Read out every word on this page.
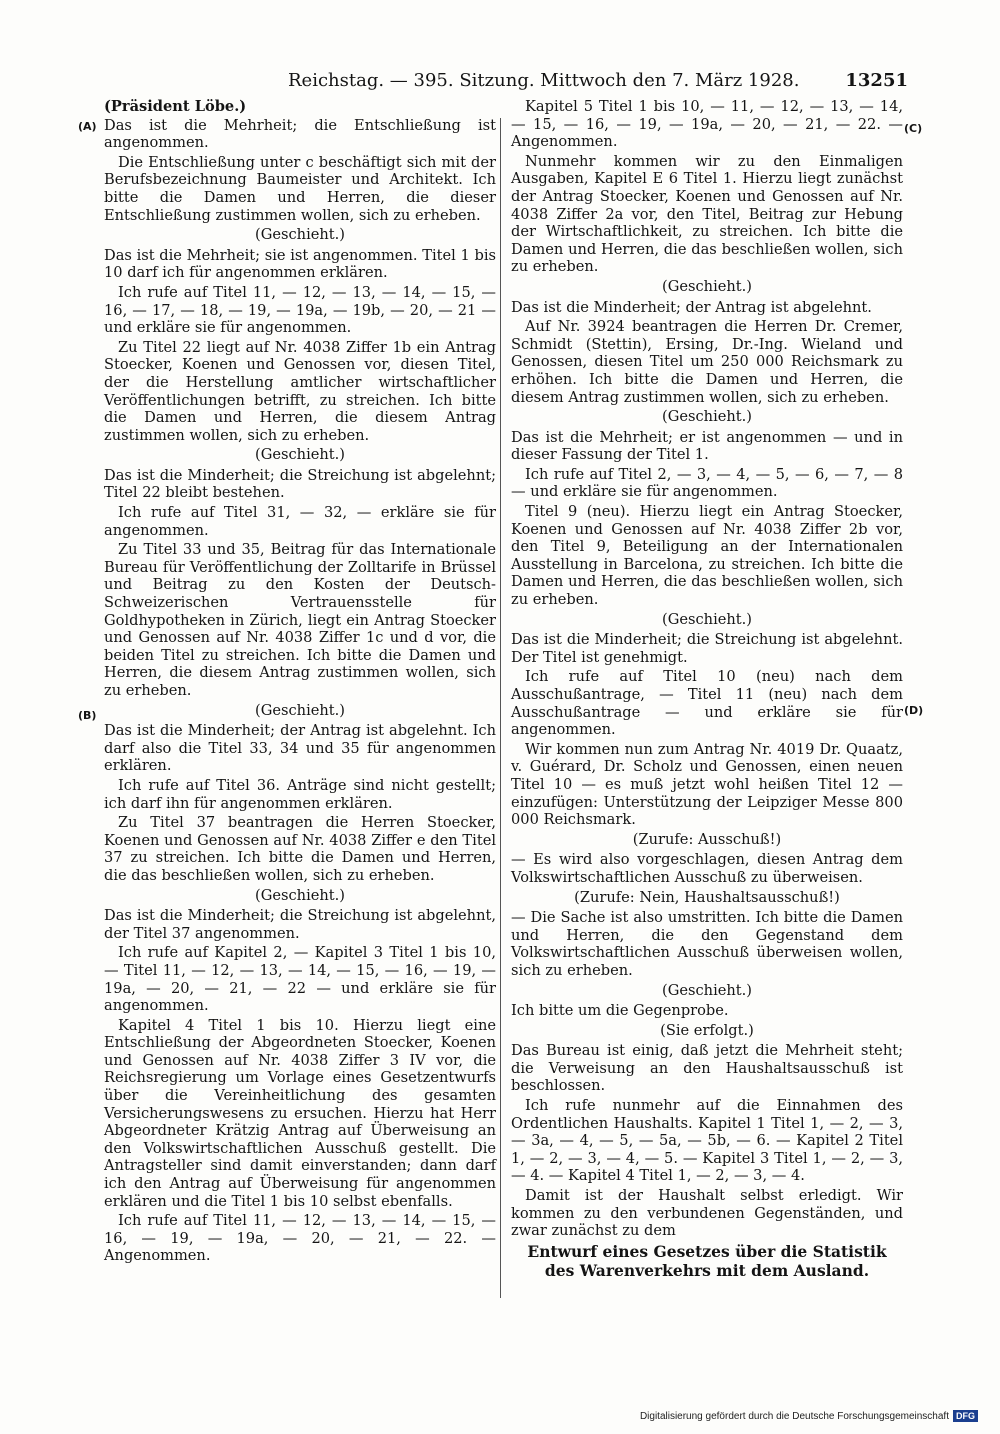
Reichstag. — 395. Sitzung. Mittwoch den 7. März 1928.	13251
(A)
(B)
(C)
(D)
(Präsident Löbe.)
Das ist die Mehrheit; die Entschließung ist angenommen.
Die Entschließung unter c beschäftigt sich mit der Berufsbezeichnung Baumeister und Architekt. Ich bitte die Damen und Herren, die dieser Entschließung zustimmen wollen, sich zu erheben.
(Geschieht.)
Das ist die Mehrheit; sie ist angenommen. Titel 1 bis 10 darf ich für angenommen erklären.
Ich rufe auf Titel 11, — 12, — 13, — 14, — 15, — 16, — 17, — 18, — 19, — 19a, — 19b, — 20, — 21 — und erkläre sie für angenommen.
Zu Titel 22 liegt auf Nr. 4038 Ziffer 1b ein Antrag Stoecker, Koenen und Genossen vor, diesen Titel, der die Herstellung amtlicher wirtschaftlicher Veröffentlichungen betrifft, zu streichen. Ich bitte die Damen und Herren, die diesem Antrag zustimmen wollen, sich zu erheben.
(Geschieht.)
Das ist die Minderheit; die Streichung ist abgelehnt; Titel 22 bleibt bestehen.
Ich rufe auf Titel 31, — 32, — erkläre sie für angenommen.
Zu Titel 33 und 35, Beitrag für das Internationale Bureau für Veröffentlichung der Zolltarife in Brüssel und Beitrag zu den Kosten der Deutsch-Schweizerischen Vertrauensstelle für Goldhypotheken in Zürich, liegt ein Antrag Stoecker und Genossen auf Nr. 4038 Ziffer 1c und d vor, die beiden Titel zu streichen. Ich bitte die Damen und Herren, die diesem Antrag zustimmen wollen, sich zu erheben.
(Geschieht.)
Das ist die Minderheit; der Antrag ist abgelehnt. Ich darf also die Titel 33, 34 und 35 für angenommen erklären.
Ich rufe auf Titel 36. Anträge sind nicht gestellt; ich darf ihn für angenommen erklären.
Zu Titel 37 beantragen die Herren Stoecker, Koenen und Genossen auf Nr. 4038 Ziffer e den Titel 37 zu streichen. Ich bitte die Damen und Herren, die das beschließen wollen, sich zu erheben.
(Geschieht.)
Das ist die Minderheit; die Streichung ist abgelehnt, der Titel 37 angenommen.
Ich rufe auf Kapitel 2, — Kapitel 3 Titel 1 bis 10, — Titel 11, — 12, — 13, — 14, — 15, — 16, — 19, — 19a, — 20, — 21, — 22 — und erkläre sie für angenommen.
Kapitel 4 Titel 1 bis 10. Hierzu liegt eine Entschließung der Abgeordneten Stoecker, Koenen und Genossen auf Nr. 4038 Ziffer 3 IV vor, die Reichsregierung um Vorlage eines Gesetzentwurfs über die Vereinheitlichung des gesamten Versicherungswesens zu ersuchen. Hierzu hat Herr Abgeordneter Krätzig Antrag auf Überweisung an den Volkswirtschaftlichen Ausschuß gestellt. Die Antragsteller sind damit einverstanden; dann darf ich den Antrag auf Überweisung für angenommen erklären und die Titel 1 bis 10 selbst ebenfalls.
Ich rufe auf Titel 11, — 12, — 13, — 14, — 15, — 16, — 19, — 19a, — 20, — 21, — 22. — Angenommen.
Kapitel 5 Titel 1 bis 10, — 11, — 12, — 13, — 14, — 15, — 16, — 19, — 19a, — 20, — 21, — 22. — Angenommen.
Nunmehr kommen wir zu den Einmaligen Ausgaben, Kapitel E 6 Titel 1. Hierzu liegt zunächst der Antrag Stoecker, Koenen und Genossen auf Nr. 4038 Ziffer 2a vor, den Titel, Beitrag zur Hebung der Wirtschaftlichkeit, zu streichen. Ich bitte die Damen und Herren, die das beschließen wollen, sich zu erheben.
(Geschieht.)
Das ist die Minderheit; der Antrag ist abgelehnt.
Auf Nr. 3924 beantragen die Herren Dr. Cremer, Schmidt (Stettin), Ersing, Dr.-Ing. Wieland und Genossen, diesen Titel um 250 000 Reichsmark zu erhöhen. Ich bitte die Damen und Herren, die diesem Antrag zustimmen wollen, sich zu erheben.
(Geschieht.)
Das ist die Mehrheit; er ist angenommen — und in dieser Fassung der Titel 1.
Ich rufe auf Titel 2, — 3, — 4, — 5, — 6, — 7, — 8 — und erkläre sie für angenommen.
Titel 9 (neu). Hierzu liegt ein Antrag Stoecker, Koenen und Genossen auf Nr. 4038 Ziffer 2b vor, den Titel 9, Beteiligung an der Internationalen Ausstellung in Barcelona, zu streichen. Ich bitte die Damen und Herren, die das beschließen wollen, sich zu erheben.
(Geschieht.)
Das ist die Minderheit; die Streichung ist abgelehnt. Der Titel ist genehmigt.
Ich rufe auf Titel 10 (neu) nach dem Ausschußantrage, — Titel 11 (neu) nach dem Ausschußantrage — und erkläre sie für angenommen.
Wir kommen nun zum Antrag Nr. 4019 Dr. Quaatz, v. Guérard, Dr. Scholz und Genossen, einen neuen Titel 10 — es muß jetzt wohl heißen Titel 12 — einzufügen: Unterstützung der Leipziger Messe 800 000 Reichsmark.
(Zurufe: Ausschuß!)
— Es wird also vorgeschlagen, diesen Antrag dem Volkswirtschaftlichen Ausschuß zu überweisen.
(Zurufe: Nein, Haushaltsausschuß!)
— Die Sache ist also umstritten. Ich bitte die Damen und Herren, die den Gegenstand dem Volkswirtschaftlichen Ausschuß überweisen wollen, sich zu erheben.
(Geschieht.)
Ich bitte um die Gegenprobe.
(Sie erfolgt.)
Das Bureau ist einig, daß jetzt die Mehrheit steht; die Verweisung an den Haushaltsausschuß ist beschlossen.
Ich rufe nunmehr auf die Einnahmen des Ordentlichen Haushalts. Kapitel 1 Titel 1, — 2, — 3, — 3a, — 4, — 5, — 5a, — 5b, — 6. — Kapitel 2 Titel 1, — 2, — 3, — 4, — 5. — Kapitel 3 Titel 1, — 2, — 3, — 4. — Kapitel 4 Titel 1, — 2, — 3, — 4.
Damit ist der Haushalt selbst erledigt. Wir kommen zu den verbundenen Gegenständen, und zwar zunächst zu dem
Entwurf eines Gesetzes über die Statistik des Warenverkehrs mit dem Ausland.
Digitalisierung gefördert durch die Deutsche Forschungsgemeinschaft DFG
